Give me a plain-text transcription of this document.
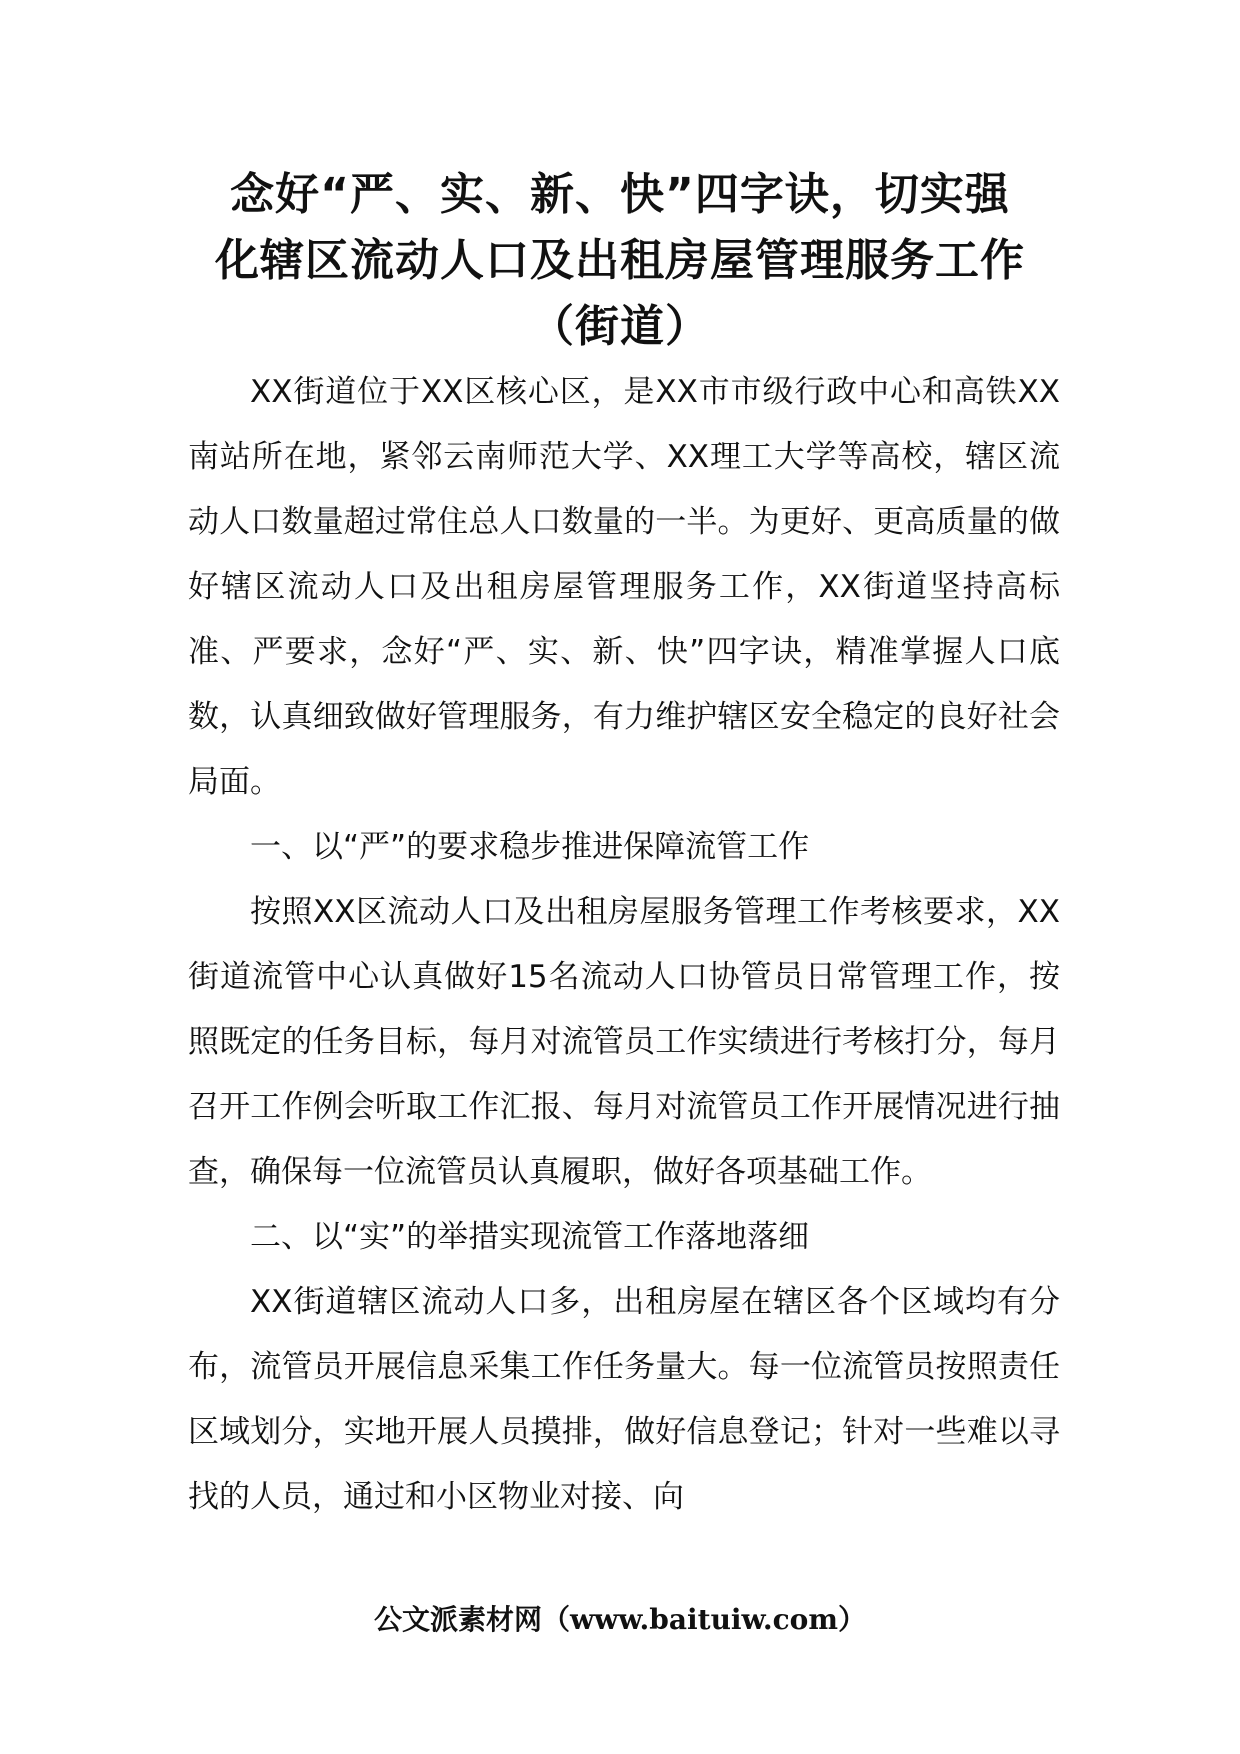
念好“严、实、新、快”四字诀，切实强
化辖区流动人口及出租房屋管理服务工作
（街道）

XX街道位于XX区核心区，是XX市市级行政中心和高铁XX南站所在地，紧邻云南师范大学、XX理工大学等高校，辖区流动人口数量超过常住总人口数量的一半。为更好、更高质量的做好辖区流动人口及出租房屋管理服务工作，XX街道坚持高标准、严要求，念好“严、实、新、快”四字诀，精准掌握人口底数，认真细致做好管理服务，有力维护辖区安全稳定的良好社会局面。

一、以“严”的要求稳步推进保障流管工作

按照XX区流动人口及出租房屋服务管理工作考核要求，XX街道流管中心认真做好15名流动人口协管员日常管理工作，按照既定的任务目标，每月对流管员工作实绩进行考核打分，每月召开工作例会听取工作汇报、每月对流管员工作开展情况进行抽查，确保每一位流管员认真履职，做好各项基础工作。

二、以“实”的举措实现流管工作落地落细

XX街道辖区流动人口多，出租房屋在辖区各个区域均有分布，流管员开展信息采集工作任务量大。每一位流管员按照责任区域划分，实地开展人员摸排，做好信息登记；针对一些难以寻找的人员，通过和小区物业对接、向

公文派素材网（www.baituiw.com）
